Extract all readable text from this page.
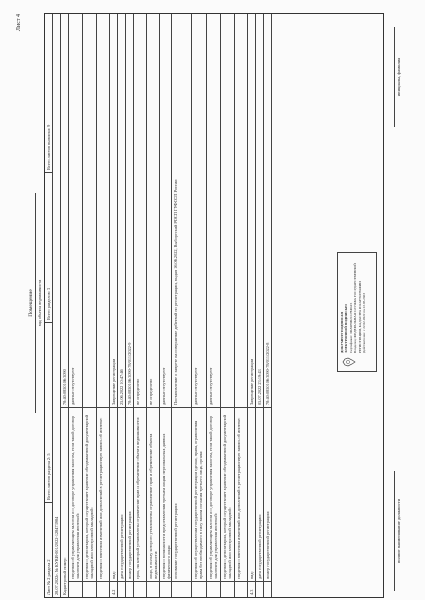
Лист 4
Помещение вид объекта недвижимости
Лист № 2 раздела 2
Всего листов раздела 2: 5
Всего разделов: 3
Всего листов выписки: 9
28.07.2022г. № КУВИ-001/2022-128473984 Кадастровый номер:
78:40:0850106:3090
сведения об управляющем залогом и о договоре управления залогом, если такой договор заключен для управления ипотекой:
данные отсутствуют
сведения о депозитарии, который осуществляет хранение обездвиженной документарной закладной или электронной закладной: сведения о внесении изменений или дополнений в регистрационную запись об ипотеке:
4.2
вид:
Запрещение регистрации
дата государственной регистрации:
25.06.2022 10:47:46
номер государственной регистрации:
78:40:0850106:3090-78/011/2022-9
срок, на который установлены ограничение прав и обременение объекта недвижимости:
не определено
лицо, в пользу которого установлены ограничение прав и обременение объекта недвижимости:
не определено
сведения о возможности предоставления третьим лицам персональных данных физического лица:
данные отсутствуют
основание государственной регистрации:
Постановление о запрете на совершение действий по регистрации, выдан 16.06.2022, Выборгский РОСП ГУФССП России
сведения об осуществлении государственной регистрации сделки, права, ограничения права без необходимого в силу закона согласия третьего лица, органа:
данные отсутствуют
сведения об управляющем залогом и о договоре управления залогом, если такой договор заключен для управления ипотекой:
данные отсутствуют
сведения о депозитарии, который осуществляет хранение обездвиженной документарной закладной или электронной закладной: сведения о внесении изменений или дополнений в регистрационную запись об ипотеке:
4.3
вид:
Запрещение регистрации
дата государственной регистрации:
05.07.2022 23:19:43
номер государственной регистрации:
78:40:0850106:3090-78/011/2022-8
ДОКУМЕНТ ПОДПИСАН ЭЛЕКТРОННОЙ ПОДПИСЬЮ Сертификат: 3DA9F0B21C7E46A5 Владелец: ФЕДЕРАЛЬНАЯ СЛУЖБА ГОСУДАРСТВЕННОЙ РЕГИСТРАЦИИ, КАДАСТРА И КАРТОГРАФИИ Действителен: с 22.02.2022 по 22.05.2023
полное наименование должности
инициалы, фамилия
